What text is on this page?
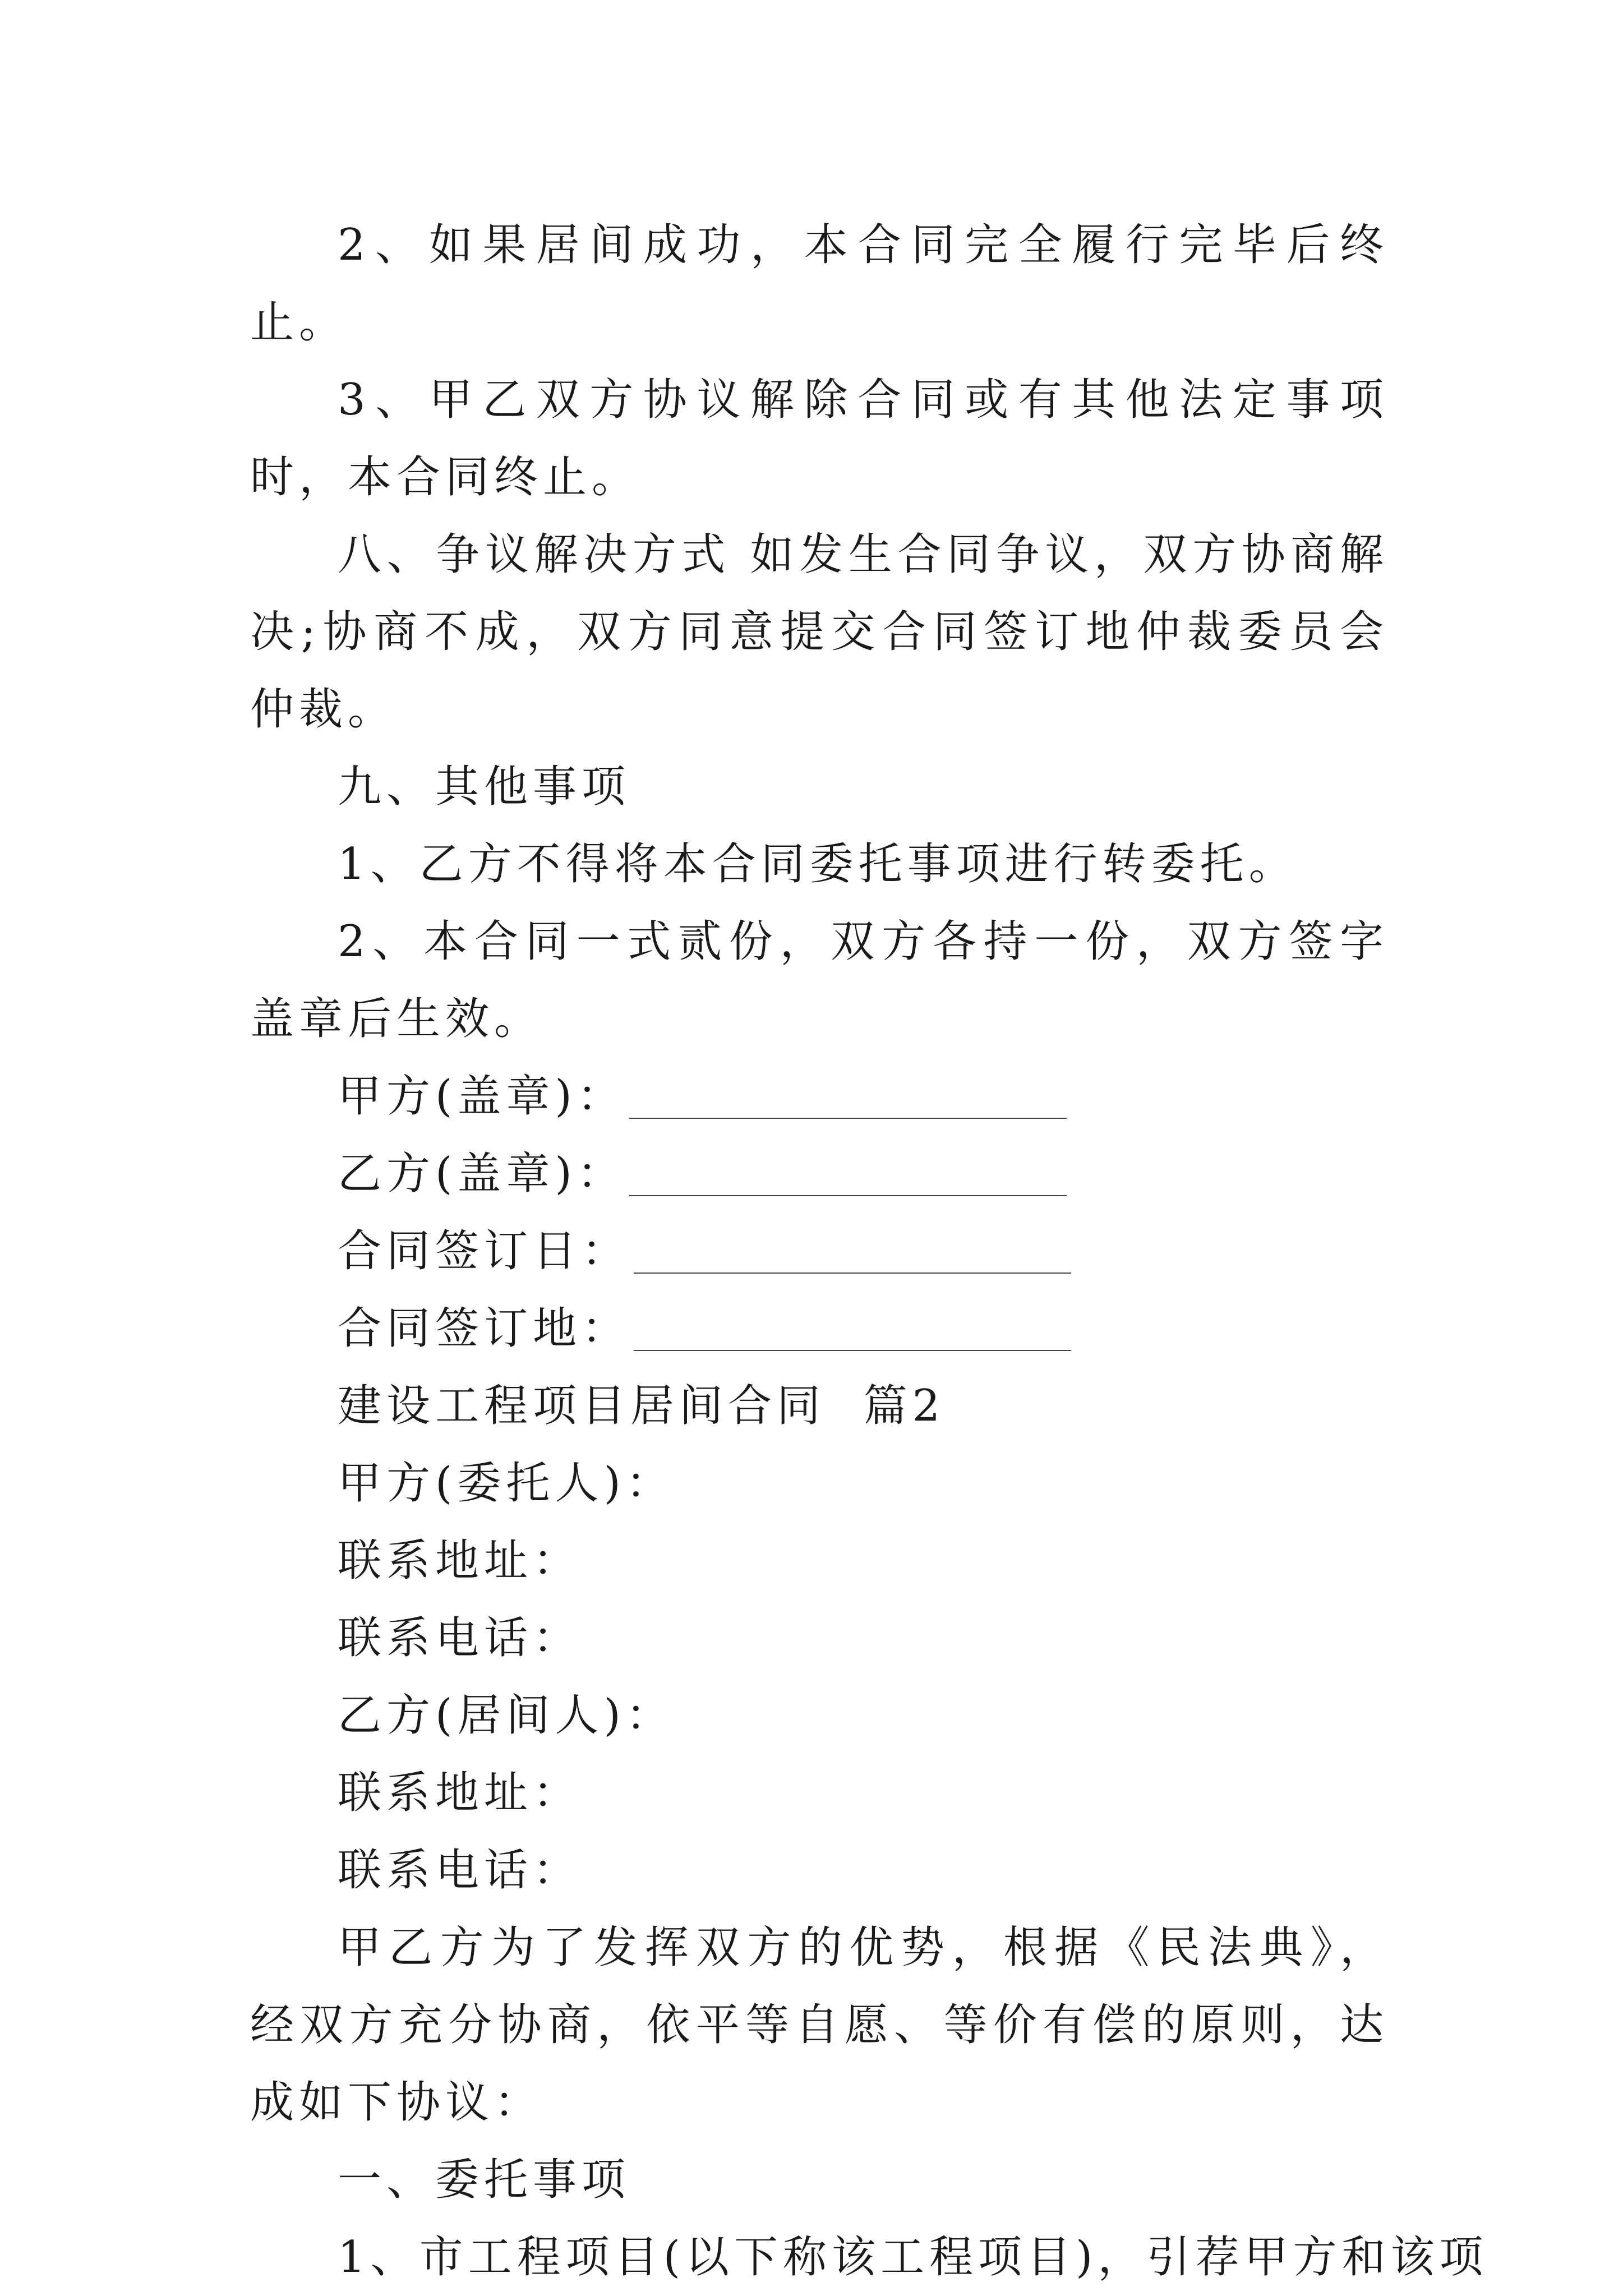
2、如果居间成功，本合同完全履行完毕后终止。

3、甲乙双方协议解除合同或有其他法定事项时，本合同终止。

八、争议解决方式 如发生合同争议，双方协商解决;协商不成，双方同意提交合同签订地仲裁委员会仲裁。

九、其他事项

1、乙方不得将本合同委托事项进行转委托。

2、本合同一式贰份，双方各持一份，双方签字盖章后生效。

甲方(盖章)：
乙方(盖章)：
合同签订日：
合同签订地：

建设工程项目居间合同  篇2

甲方(委托人)：

联系地址：

联系电话：

乙方(居间人)：

联系地址：

联系电话：

甲乙方为了发挥双方的优势，根据《民法典》，经双方充分协商，依平等自愿、等价有偿的原则，达成如下协议：

一、委托事项

1、市工程项目(以下称该工程项目)，引荐甲方和该项
